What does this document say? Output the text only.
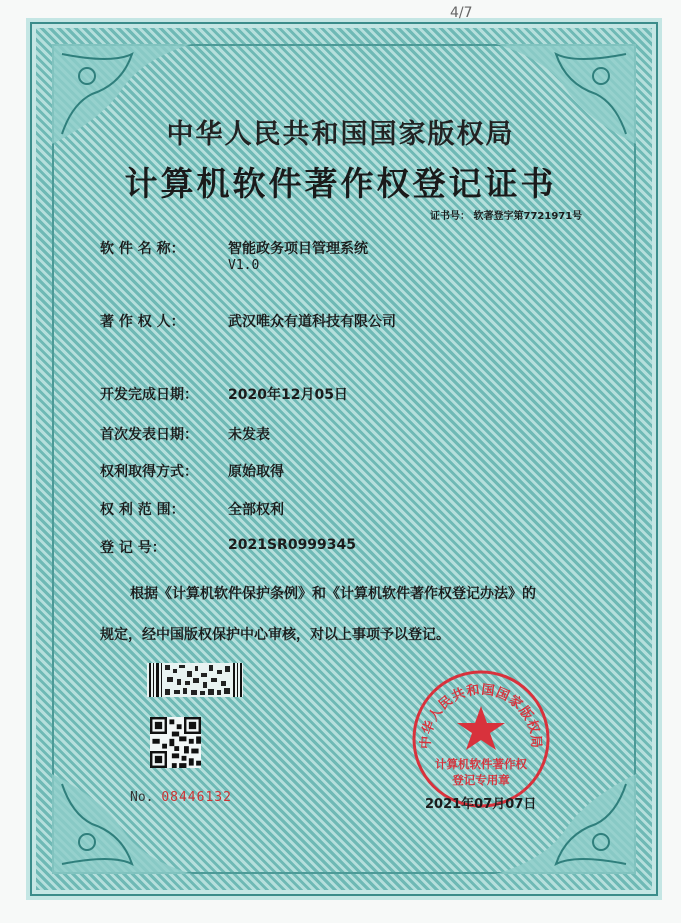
4/7
中华人民共和国国家版权局
计算机软件著作权登记证书
证书号： 软著登字第7721971号
软 件 名 称：	智能政务项目管理系统
V1.0
著 作 权 人：	武汉唯众有道科技有限公司
开发完成日期： 2020年12月05日
首次发表日期： 未发表
权利取得方式： 原始取得
权 利 范 围：	全部权利
登 记 号：	2021SR0999345
根据《计算机软件保护条例》和《计算机软件著作权登记办法》的
规定，经中国版权保护中心审核，对以上事项予以登记。
No. 08446132
中华人民共和国国家版权局
计算机软件著作权
登记专用章
2021年07月07日
